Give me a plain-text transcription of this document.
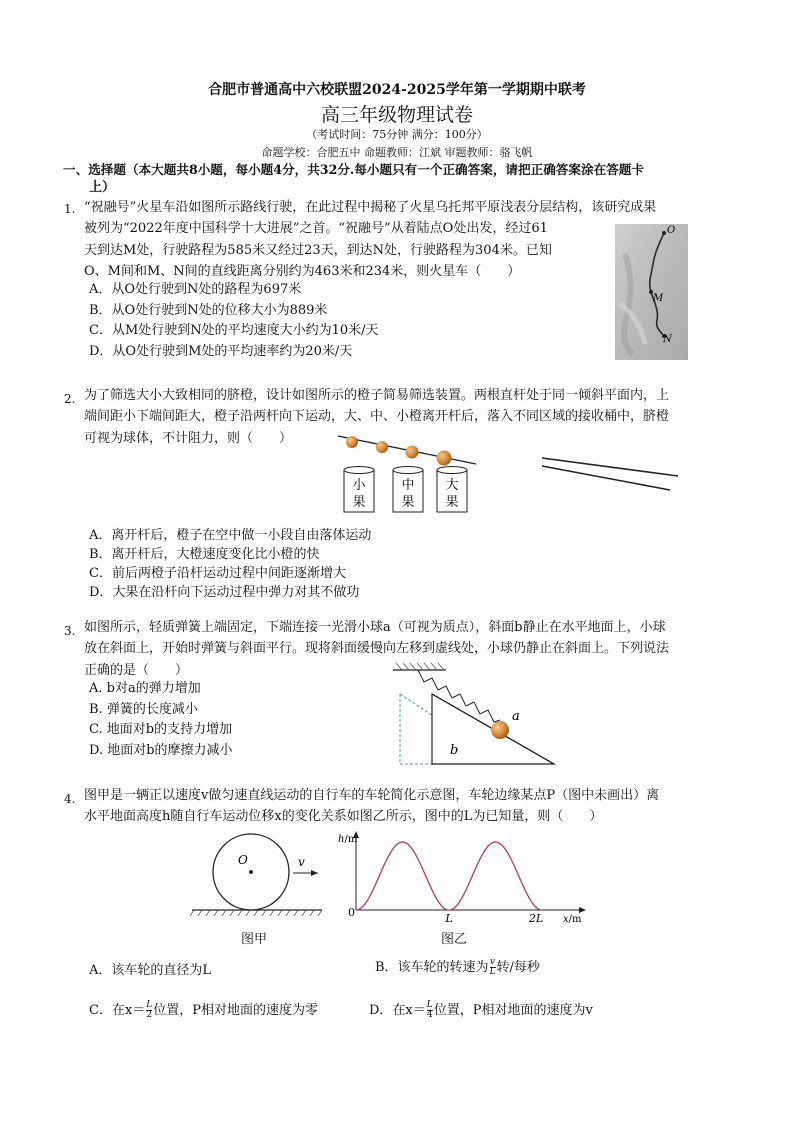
合肥市普通高中六校联盟2024-2025学年第一学期期中联考
高三年级物理试卷
（考试时间：75分钟 满分：100分）
命题学校：合肥五中 命题教师：江斌 审题教师：骆飞帆
一、选择题（本大题共8小题，每小题4分，共32分.每小题只有一个正确答案，请把正确答案涂在答题卡
上）
1. “祝融号”火星车沿如图所示路线行驶，在此过程中揭秘了火星乌托邦平原浅表分层结构，该研究成果
被列为“2022年度中国科学十大进展”之首。“祝融号”从着陆点O处出发，经过61
天到达M处，行驶路程为585米又经过23天，到达N处，行驶路程为304米。已知
O、M间和M、N间的直线距离分别约为463米和234米，则火星车（　　）
A．从O处行驶到N处的路程为697米
B．从O处行驶到N处的位移大小为889米
C．从M处行驶到N处的平均速度大小约为10米/天
D．从O处行驶到M处的平均速率约为20米/天
O
M
N
2. 为了筛选大小大致相同的脐橙，设计如图所示的橙子简易筛选装置。两根直杆处于同一倾斜平面内，上
端间距小下端间距大，橙子沿两杆向下运动，大、中、小橙离开杆后，落入不同区域的接收桶中，脐橙
可视为球体，不计阻力，则（　　）
小
果
中
果
大
果
A．离开杆后，橙子在空中做一小段自由落体运动
B．离开杆后，大橙速度变化比小橙的快
C．前后两橙子沿杆运动过程中间距逐渐增大
D．大果在沿杆向下运动过程中弹力对其不做功
3. 如图所示，轻质弹簧上端固定，下端连接一光滑小球a（可视为质点），斜面b静止在水平地面上，小球
放在斜面上，开始时弹簧与斜面平行。现将斜面缓慢向左移到虚线处，小球仍静止在斜面上。下列说法
正确的是（　　）
A. b对a的弹力增加
B. 弹簧的长度减小
C. 地面对b的支持力增加
D. 地面对b的摩擦力减小
a
b
4. 图甲是一辆正以速度v做匀速直线运动的自行车的车轮简化示意图，车轮边缘某点P（图中未画出）离
水平地面高度h随自行车运动位移x的变化关系如图乙所示，图中的L为已知量，则（　　）
O	v
图甲
h/m
x/m
0	L	2L
图乙
A．该车轮的直径为L	B．该车轮的转速为 $\frac{v}{L}$ 转/每秒
C．在$x= \frac{L}{2}$ 位置，P相对地面的速度为零	D．在$x= \frac{L}{4}$ 位置，P相对地面的速度为v
